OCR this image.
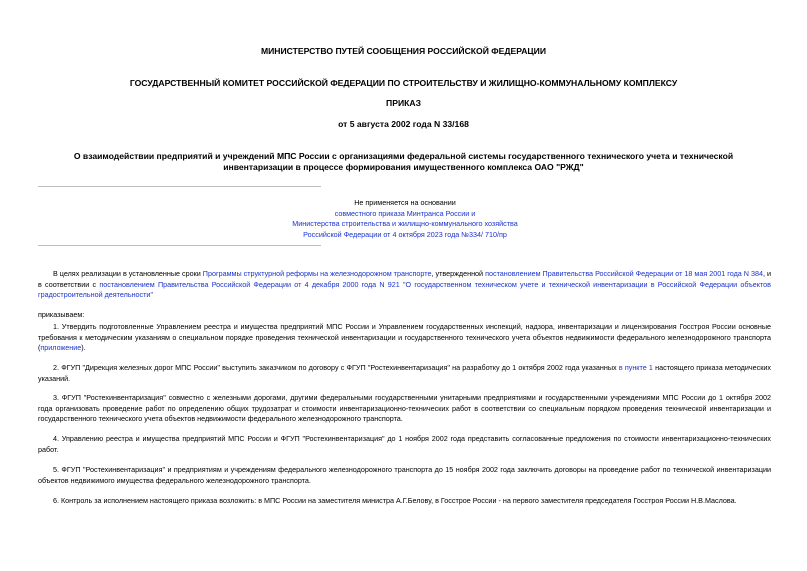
МИНИСТЕРСТВО ПУТЕЙ СООБЩЕНИЯ РОССИЙСКОЙ ФЕДЕРАЦИИ
ГОСУДАРСТВЕННЫЙ КОМИТЕТ РОССИЙСКОЙ ФЕДЕРАЦИИ ПО СТРОИТЕЛЬСТВУ И ЖИЛИЩНО-КОММУНАЛЬНОМУ КОМПЛЕКСУ
ПРИКАЗ
от 5 августа 2002 года N 33/168
О взаимодействии предприятий и учреждений МПС России с организациями федеральной системы государственного технического учета и технической инвентаризации в процессе формирования имущественного комплекса ОАО "РЖД"
Не применяется на основании
совместного приказа Минтранса России и
Министерства строительства и жилищно-коммунального хозяйства
Российской Федерации от 4 октября 2023 года №334/ 710/пр
В целях реализации в установленные сроки Программы структурной реформы на железнодорожном транспорте, утвержденной постановлением Правительства Российской Федерации от 18 мая 2001 года N 384, и в соответствии с постановлением Правительства Российской Федерации от 4 декабря 2000 года N 921 "О государственном техническом учете и технической инвентаризации в Российской Федерации объектов градостроительной деятельности"
приказываем:
1. Утвердить подготовленные Управлением реестра и имущества предприятий МПС России и Управлением государственных инспекций, надзора, инвентаризации и лицензирования Госстроя России основные требования к методическим указаниям о специальном порядке проведения технической инвентаризации и государственного технического учета объектов недвижимости федерального железнодорожного транспорта (приложение).
2. ФГУП "Дирекция железных дорог МПС России" выступить заказчиком по договору с ФГУП "Ростехинвентаризация" на разработку до 1 октября 2002 года указанных в пункте 1 настоящего приказа методических указаний.
3. ФГУП "Ростехинвентаризация" совместно с железными дорогами, другими федеральными государственными унитарными предприятиями и государственными учреждениями МПС России до 1 октября 2002 года организовать проведение работ по определению общих трудозатрат и стоимости инвентаризационно-технических работ в соответствии со специальным порядком проведения технической инвентаризации и государственного технического учета объектов недвижимости федерального железнодорожного транспорта.
4. Управлению реестра и имущества предприятий МПС России и ФГУП "Ростехинвентаризация" до 1 ноября 2002 года представить согласованные предложения по стоимости инвентаризационно-технических работ.
5. ФГУП "Ростехинвентаризация" и предприятиям и учреждениям федерального железнодорожного транспорта до 15 ноября 2002 года заключить договоры на проведение работ по технической инвентаризации объектов недвижимого имущества федерального железнодорожного транспорта.
6. Контроль за исполнением настоящего приказа возложить: в МПС России на заместителя министра А.Г.Белову, в Госстрое России - на первого заместителя председателя Госстроя России Н.В.Маслова.
